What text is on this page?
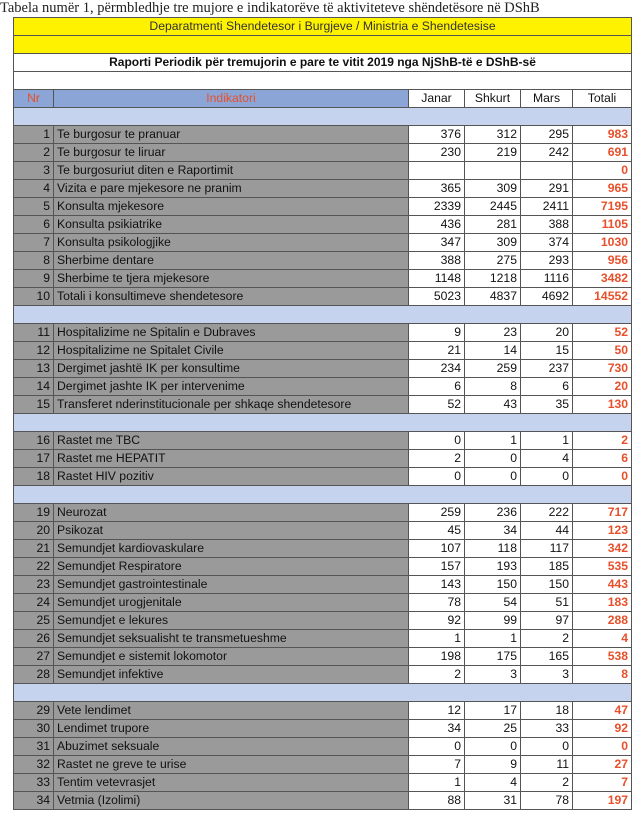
Tabela numër 1, përmbledhje tre mujore e indikatorëve të aktiviteteve shëndetësore në DShB
Deparatmenti Shendetesor i Burgjeve / Ministria e Shendetesise					

Raporti Periodik për tremujorin e pare te vitit 2019 nga NjShB-të e DShB-së					

Nr	Indikatori	Janar	Shkurt	Mars	Totali

1	Te burgosur te pranuar	376	312	295	983
2	Te burgosur te liruar	230	219	242	691
3	Te burgosuriut diten e Raportimit				0
4	Vizita e pare mjekesore ne pranim	365	309	291	965
5	Konsulta mjekesore	2339	2445	2411	7195
6	Konsulta psikiatrike	436	281	388	1105
7	Konsulta psikologjike	347	309	374	1030
8	Sherbime dentare	388	275	293	956
9	Sherbime te tjera mjekesore	1148	1218	1116	3482
10	Totali i konsultimeve shendetesore	5023	4837	4692	14552

11	Hospitalizime ne Spitalin e Dubraves	9	23	20	52
12	Hospitalizime ne Spitalet Civile	21	14	15	50
13	Dergimet jashtë IK per konsultime	234	259	237	730
14	Dergimet jashte IK per intervenime	6	8	6	20
15	Transferet nderinstitucionale per shkaqe shendetesore	52	43	35	130

16	Rastet me TBC	0	1	1	2
17	Rastet me HEPATIT	2	0	4	6
18	Rastet HIV pozitiv	0	0	0	0

19	Neurozat	259	236	222	717
20	Psikozat	45	34	44	123
21	Semundjet kardiovaskulare	107	118	117	342
22	Semundjet Respiratore	157	193	185	535
23	Semundjet gastrointestinale	143	150	150	443
24	Semundjet urogjenitale	78	54	51	183
25	Semundjet e lekures	92	99	97	288
26	Semundjet seksualisht te transmetueshme	1	1	2	4
27	Semundjet e sistemit lokomotor	198	175	165	538
28	Semundjet infektive	2	3	3	8

29	Vete lendimet	12	17	18	47
30	Lendimet trupore	34	25	33	92
31	Abuzimet seksuale	0	0	0	0
32	Rastet ne greve te urise	7	9	11	27
33	Tentim vetevrasjet	1	4	2	7
34	Vetmia (Izolimi)	88	31	78	197
